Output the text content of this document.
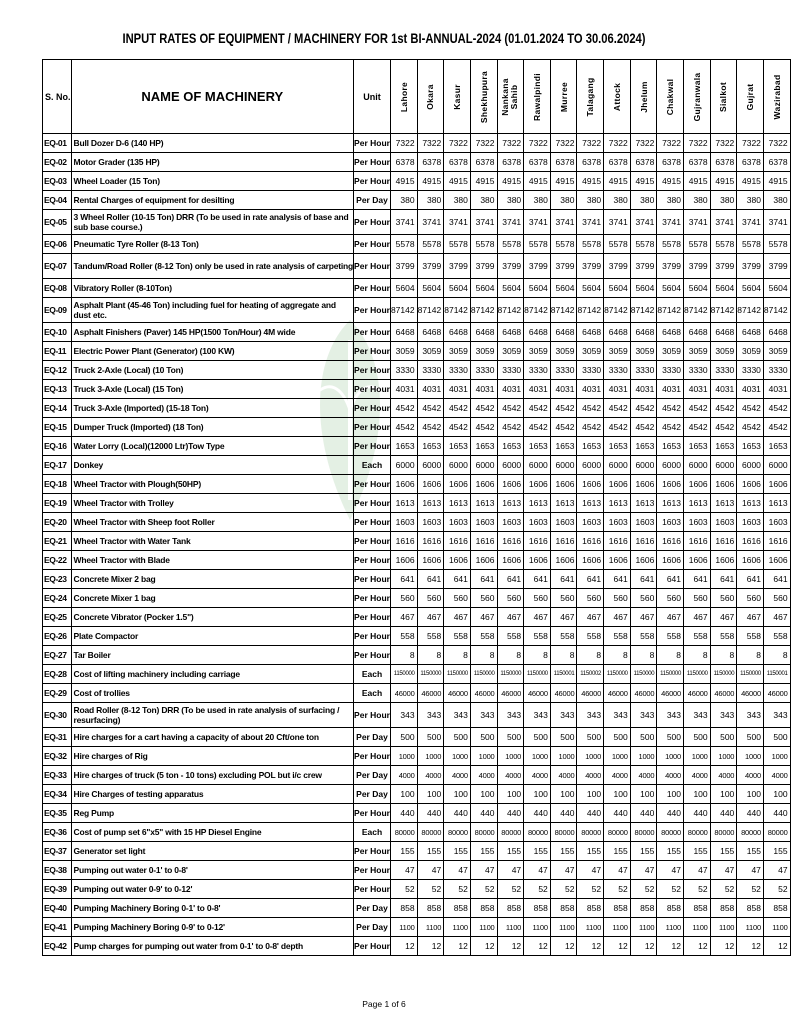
INPUT RATES OF EQUIPMENT / MACHINERY FOR 1st BI-ANNUAL-2024 (01.01.2024 TO 30.06.2024)
S. No.	NAME OF MACHINERY	Unit	Lahore	Okara	Kasur	Shekhupura	Nankana Sahib	Rawalpindi	Murree	Talagang	Attock	Jhelum	Chakwal	Gujranwala	Sialkot	Gujrat	Wazirabad

EQ-01	Bull Dozer D-6 (140 HP)	Per Hour	7322	7322	7322	7322	7322	7322	7322	7322	7322	7322	7322	7322	7322	7322	7322
EQ-02	Motor Grader (135 HP)	Per Hour	6378	6378	6378	6378	6378	6378	6378	6378	6378	6378	6378	6378	6378	6378	6378
EQ-03	Wheel Loader (15 Ton)	Per Hour	4915	4915	4915	4915	4915	4915	4915	4915	4915	4915	4915	4915	4915	4915	4915
EQ-04	Rental Charges of equipment for desilting	Per Day	380	380	380	380	380	380	380	380	380	380	380	380	380	380	380
EQ-05	3 Wheel Roller (10-15 Ton) DRR (To be used in rate analysis of base and sub base course.)	Per Hour	3741	3741	3741	3741	3741	3741	3741	3741	3741	3741	3741	3741	3741	3741	3741
EQ-06	Pneumatic Tyre Roller (8-13 Ton)	Per Hour	5578	5578	5578	5578	5578	5578	5578	5578	5578	5578	5578	5578	5578	5578	5578
EQ-07	Tandum/Road Roller (8-12 Ton) only be used in rate analysis of carpeting	Per Hour	3799	3799	3799	3799	3799	3799	3799	3799	3799	3799	3799	3799	3799	3799	3799
EQ-08	Vibratory Roller (8-10Ton)	Per Hour	5604	5604	5604	5604	5604	5604	5604	5604	5604	5604	5604	5604	5604	5604	5604
EQ-09	Asphalt Plant (45-46 Ton) including fuel for heating of aggregate and dust etc.	Per Hour	87142	87142	87142	87142	87142	87142	87142	87142	87142	87142	87142	87142	87142	87142	87142
EQ-10	Asphalt Finishers (Paver) 145 HP(1500 Ton/Hour) 4M wide	Per Hour	6468	6468	6468	6468	6468	6468	6468	6468	6468	6468	6468	6468	6468	6468	6468
EQ-11	Electric Power Plant (Generator) (100 KW)	Per Hour	3059	3059	3059	3059	3059	3059	3059	3059	3059	3059	3059	3059	3059	3059	3059
EQ-12	Truck 2-Axle (Local) (10 Ton)	Per Hour	3330	3330	3330	3330	3330	3330	3330	3330	3330	3330	3330	3330	3330	3330	3330
EQ-13	Truck 3-Axle (Local) (15 Ton)	Per Hour	4031	4031	4031	4031	4031	4031	4031	4031	4031	4031	4031	4031	4031	4031	4031
EQ-14	Truck 3-Axle (Imported) (15-18 Ton)	Per Hour	4542	4542	4542	4542	4542	4542	4542	4542	4542	4542	4542	4542	4542	4542	4542
EQ-15	Dumper Truck (Imported) (18 Ton)	Per Hour	4542	4542	4542	4542	4542	4542	4542	4542	4542	4542	4542	4542	4542	4542	4542
EQ-16	Water Lorry (Local)(12000 Ltr)Tow Type	Per Hour	1653	1653	1653	1653	1653	1653	1653	1653	1653	1653	1653	1653	1653	1653	1653
EQ-17	Donkey	Each	6000	6000	6000	6000	6000	6000	6000	6000	6000	6000	6000	6000	6000	6000	6000
EQ-18	Wheel Tractor with Plough(50HP)	Per Hour	1606	1606	1606	1606	1606	1606	1606	1606	1606	1606	1606	1606	1606	1606	1606
EQ-19	Wheel Tractor with Trolley	Per Hour	1613	1613	1613	1613	1613	1613	1613	1613	1613	1613	1613	1613	1613	1613	1613
EQ-20	Wheel Tractor with Sheep foot Roller	Per Hour	1603	1603	1603	1603	1603	1603	1603	1603	1603	1603	1603	1603	1603	1603	1603
EQ-21	Wheel Tractor with Water Tank	Per Hour	1616	1616	1616	1616	1616	1616	1616	1616	1616	1616	1616	1616	1616	1616	1616
EQ-22	Wheel Tractor with Blade	Per Hour	1606	1606	1606	1606	1606	1606	1606	1606	1606	1606	1606	1606	1606	1606	1606
EQ-23	Concrete Mixer 2 bag	Per Hour	641	641	641	641	641	641	641	641	641	641	641	641	641	641	641
EQ-24	Concrete Mixer 1 bag	Per Hour	560	560	560	560	560	560	560	560	560	560	560	560	560	560	560
EQ-25	Concrete Vibrator (Pocker 1.5")	Per Hour	467	467	467	467	467	467	467	467	467	467	467	467	467	467	467
EQ-26	Plate Compactor	Per Hour	558	558	558	558	558	558	558	558	558	558	558	558	558	558	558
EQ-27	Tar Boiler	Per Hour	8	8	8	8	8	8	8	8	8	8	8	8	8	8	8
EQ-28	Cost of lifting machinery including carriage	Each	1150000	1150000	1150000	1150000	1150000	1150000	1150001	1150002	1150000	1150000	1150000	1150000	1150000	1150000	1150001
EQ-29	Cost of trollies	Each	46000	46000	46000	46000	46000	46000	46000	46000	46000	46000	46000	46000	46000	46000	46000
EQ-30	Road Roller (8-12 Ton) DRR (To be used in rate analysis of surfacing / resurfacing)	Per Hour	343	343	343	343	343	343	343	343	343	343	343	343	343	343	343
EQ-31	Hire charges for a cart having a capacity of about 20 Cft/one ton	Per Day	500	500	500	500	500	500	500	500	500	500	500	500	500	500	500
EQ-32	Hire charges of Rig	Per Hour	1000	1000	1000	1000	1000	1000	1000	1000	1000	1000	1000	1000	1000	1000	1000
EQ-33	Hire charges of truck (5 ton - 10 tons) excluding POL but i/c crew	Per Day	4000	4000	4000	4000	4000	4000	4000	4000	4000	4000	4000	4000	4000	4000	4000
EQ-34	Hire Charges of testing apparatus	Per Day	100	100	100	100	100	100	100	100	100	100	100	100	100	100	100
EQ-35	Reg Pump	Per Hour	440	440	440	440	440	440	440	440	440	440	440	440	440	440	440
EQ-36	Cost of pump set 6"x5" with 15 HP Diesel Engine	Each	80000	80000	80000	80000	80000	80000	80000	80000	80000	80000	80000	80000	80000	80000	80000
EQ-37	Generator set light	Per Hour	155	155	155	155	155	155	155	155	155	155	155	155	155	155	155
EQ-38	Pumping out water 0-1' to 0-8'	Per Hour	47	47	47	47	47	47	47	47	47	47	47	47	47	47	47
EQ-39	Pumping out water 0-9' to 0-12'	Per Hour	52	52	52	52	52	52	52	52	52	52	52	52	52	52	52
EQ-40	Pumping Machinery Boring 0-1' to 0-8'	Per Day	858	858	858	858	858	858	858	858	858	858	858	858	858	858	858
EQ-41	Pumping Machinery Boring 0-9' to 0-12'	Per Day	1100	1100	1100	1100	1100	1100	1100	1100	1100	1100	1100	1100	1100	1100	1100
EQ-42	Pump charges for pumping out water from 0-1' to 0-8' depth	Per Hour	12	12	12	12	12	12	12	12	12	12	12	12	12	12	12
Page 1 of 6
